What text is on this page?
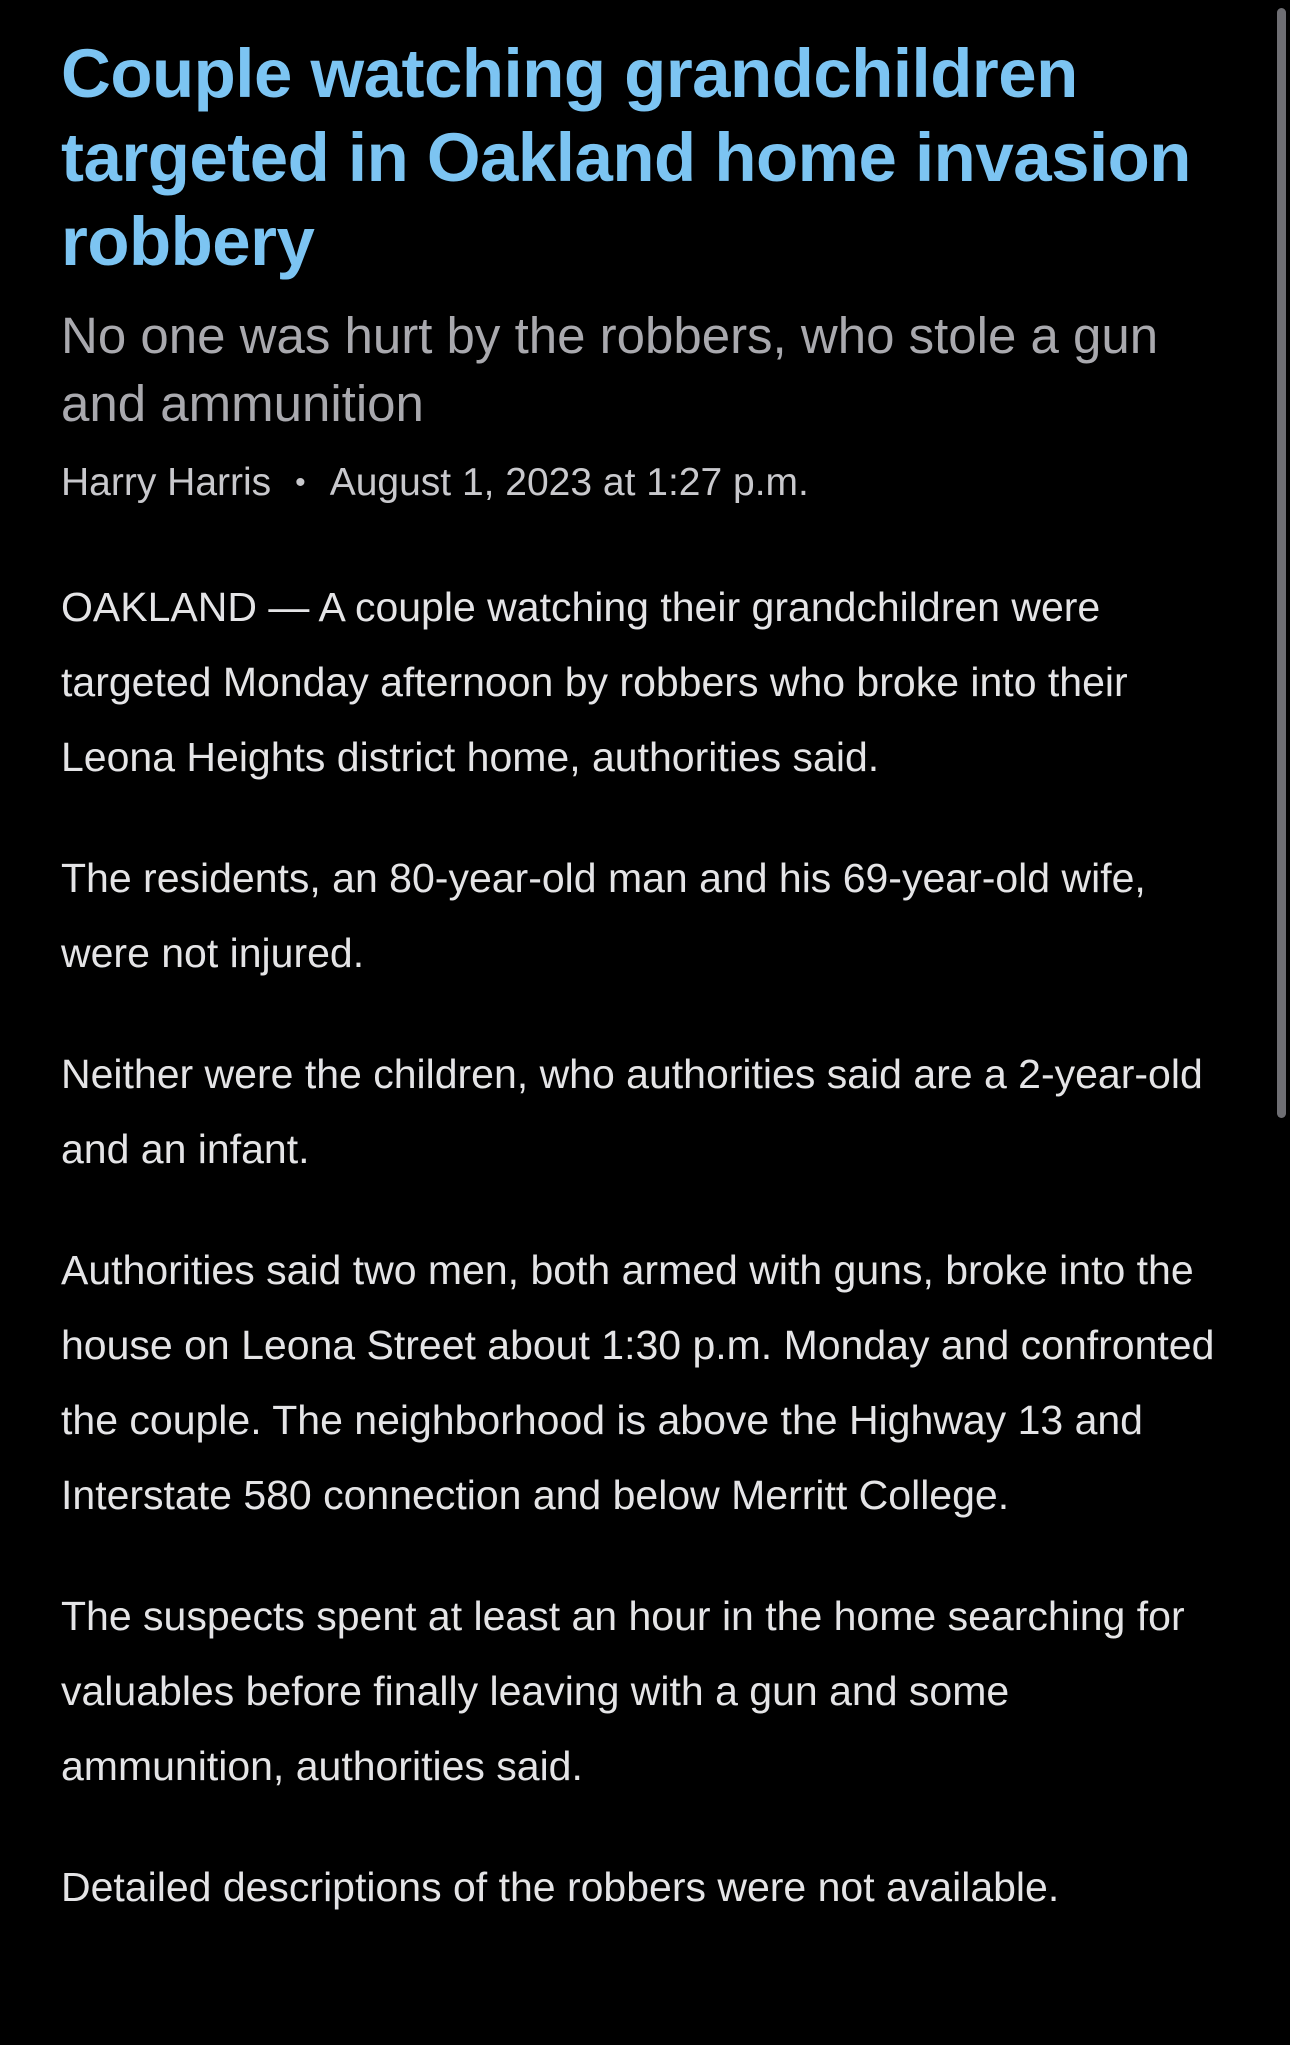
Couple watching grandchildren targeted in Oakland home invasion robbery
No one was hurt by the robbers, who stole a gun and ammunition
Harry Harris • August 1, 2023 at 1:27 p.m.

OAKLAND — A couple watching their grandchildren were targeted Monday afternoon by robbers who broke into their Leona Heights district home, authorities said.

The residents, an 80-year-old man and his 69-year-old wife, were not injured.

Neither were the children, who authorities said are a 2-year-old and an infant.

Authorities said two men, both armed with guns, broke into the house on Leona Street about 1:30 p.m. Monday and confronted the couple. The neighborhood is above the Highway 13 and Interstate 580 connection and below Merritt College.

The suspects spent at least an hour in the home searching for valuables before finally leaving with a gun and some ammunition, authorities said.

Detailed descriptions of the robbers were not available.
